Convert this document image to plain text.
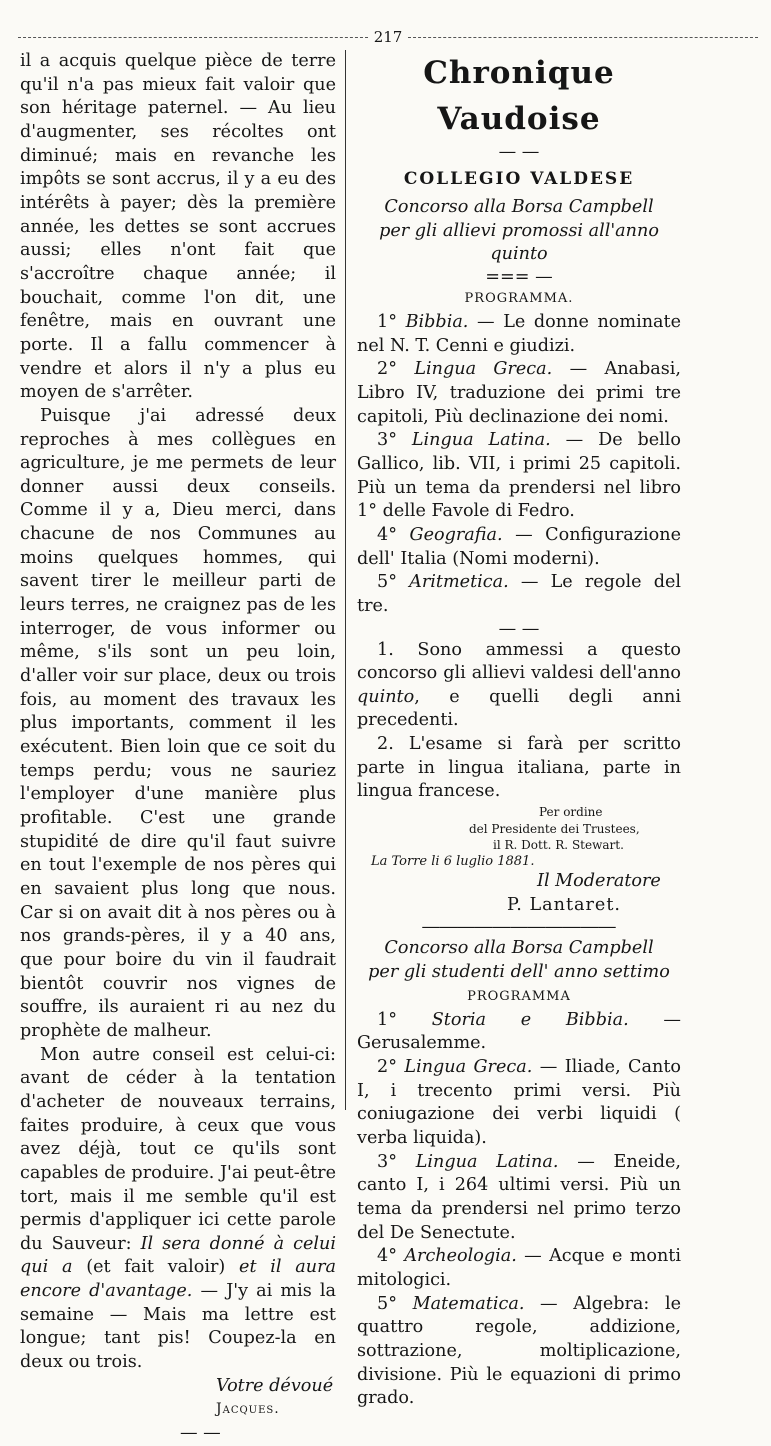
217

il a acquis quelque pièce de terre qu'il n'a pas mieux fait valoir que son héritage paternel. — Au lieu d'augmenter, ses récoltes ont diminué; mais en revanche les impôts se sont accrus, il y a eu des intérêts à payer; dès la première année, les dettes se sont accrues aussi; elles n'ont fait que s'accroître chaque année; il bouchait, comme l'on dit, une fenêtre, mais en ouvrant une porte. Il a fallu commencer à vendre et alors il n'y a plus eu moyen de s'arrêter.

Puisque j'ai adressé deux reproches à mes collègues en agriculture, je me permets de leur donner aussi deux conseils. Comme il y a, Dieu merci, dans chacune de nos Communes au moins quelques hommes, qui savent tirer le meilleur parti de leurs terres, ne craignez pas de les interroger, de vous informer ou même, s'ils sont un peu loin, d'aller voir sur place, deux ou trois fois, au moment des travaux les plus importants, comment il les exécutent. Bien loin que ce soit du temps perdu; vous ne sauriez l'employer d'une manière plus profitable. C'est une grande stupidité de dire qu'il faut suivre en tout l'exemple de nos pères qui en savaient plus long que nous. Car si on avait dit à nos pères ou à nos grands-pères, il y a 40 ans, que pour boire du vin il faudrait bientôt couvrir nos vignes de souffre, ils auraient ri au nez du prophète de malheur.

Mon autre conseil est celui-ci: avant de céder à la tentation d'acheter de nouveaux terrains, faites produire, à ceux que vous avez déjà, tout ce qu'ils sont capables de produire. J'ai peut-être tort, mais il me semble qu'il est permis d'appliquer ici cette parole du Sauveur: Il sera donné à celui qui a (et fait valoir) et il aura encore d'avantage. — J'y ai mis la semaine — Mais ma lettre est longue; tant pis! Coupez-la en deux ou trois.

Votre dévoué

Jacques.

— —

Chronique Vaudoise

— —

COLLEGIO VALDESE

Concorso alla Borsa Campbell

per gli allievi promossi all'anno quinto

=== —

PROGRAMMA.

1° Bibbia. — Le donne nominate nel N. T. Cenni e giudizi.

2° Lingua Greca. — Anabasi, Libro IV, traduzione dei primi tre capitoli, Più declinazione dei nomi.

3° Lingua Latina. — De bello Gallico, lib. VII, i primi 25 capitoli. Più un tema da prendersi nel libro 1° delle Favole di Fedro.

4° Geografia. — Configurazione dell' Italia (Nomi moderni).

5° Aritmetica. — Le regole del tre.

— —

1. Sono ammessi a questo concorso gli allievi valdesi dell'anno quinto, e quelli degli anni precedenti.

2. L'esame si farà per scritto parte in lingua italiana, parte in lingua francese.

Per ordine
del Presidente dei Trustees,
il R. Dott. R. Stewart.
La Torre li 6 luglio 1881.

Il Moderatore

P. Lantaret.

―――――――――――

Concorso alla Borsa Campbell

per gli studenti dell' anno settimo

PROGRAMMA

1° Storia e Bibbia. — Gerusalemme.

2° Lingua Greca. — Iliade, Canto I, i trecento primi versi. Più coniugazione dei verbi liquidi ( verba liquida).

3° Lingua Latina. — Eneide, canto I, i 264 ultimi versi. Più un tema da prendersi nel primo terzo del De Senectute.

4° Archeologia. — Acque e monti mitologici.

5° Matematica. — Algebra: le quattro regole, addizione, sottrazione, moltiplicazione, divisione. Più le equazioni di primo grado.
